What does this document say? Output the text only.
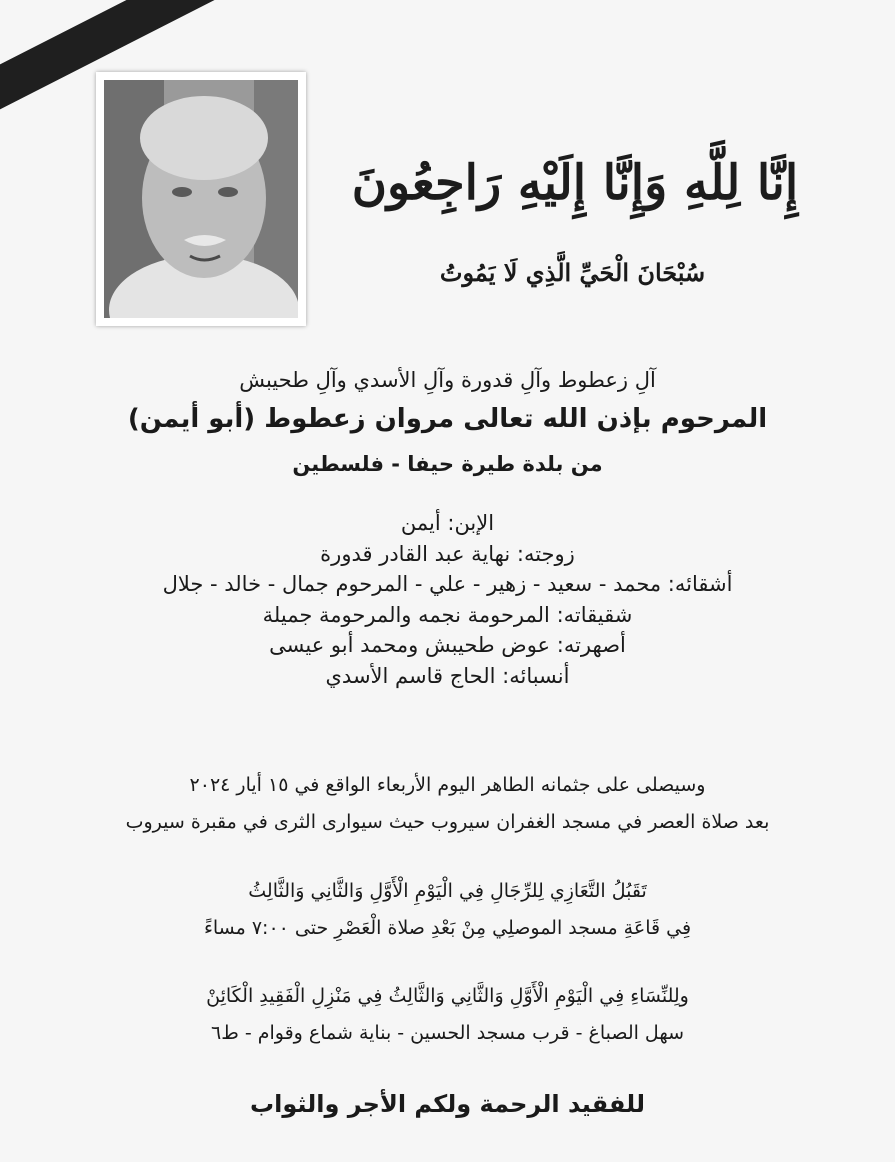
إِنَّا لِلَّهِ وَإِنَّا إِلَيْهِ رَاجِعُونَ
سُبْحَانَ الْحَيِّ الَّذِي لَا يَمُوتُ
آلِ زعطوط وآلِ قدورة وآلِ الأسدي وآلِ طحيبش
المرحوم بإذن الله تعالى مروان زعطوط (أبو أيمن)
من بلدة طيرة حيفا - فلسطين
الإبن: أيمن
زوجته: نهاية عبد القادر قدورة
أشقائه: محمد - سعيد - زهير - علي - المرحوم جمال - خالد - جلال
شقيقاته: المرحومة نجمه والمرحومة جميلة
أصهرته: عوض طحيبش ومحمد أبو عيسى
أنسبائه: الحاج قاسم الأسدي
وسيصلى على جثمانه الطاهر اليوم الأربعاء الواقع في ١٥ أيار ٢٠٢٤
بعد صلاة العصر في مسجد الغفران سيروب حيث سيوارى الثرى في مقبرة سيروب
تَقَبُلُ التَّعَازِي لِلرِّجَالِ فِي الْيَوْمِ الْأَوَّلِ وَالثَّانِي وَالثَّالِثُ
فِي قَاعَةِ مسجد الموصلِي مِنْ بَعْدِ صلاة الْعَصْرِ حتى ٧:٠٠ مساءً
ولِلنِّسَاءِ فِي الْيَوْمِ الْأَوَّلِ وَالثَّانِي وَالثَّالِثُ فِي مَنْزِلِ الْفَقِيدِ الْكَائِنْ
سهل الصباغ - قرب مسجد الحسين - بناية شماع وقوام - ط٦
للفقيد الرحمة ولكم الأجر والثواب
